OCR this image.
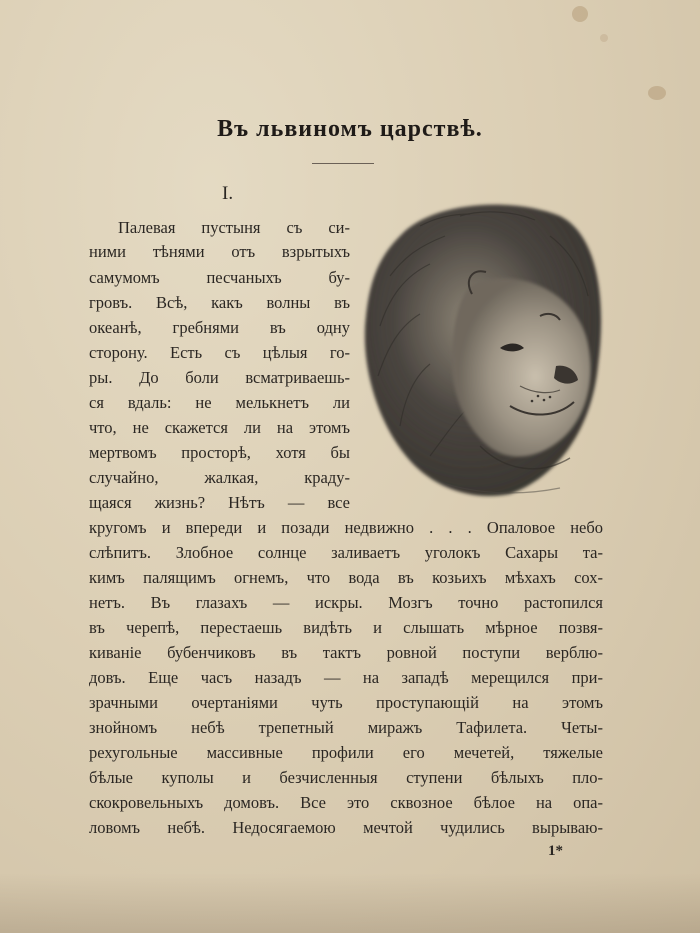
Въ львиномъ царствѣ.
I.
Палевая пустыня съ си-
ними тѣнями отъ взрытыхъ
самумомъ песчаныхъ бу-
гровъ. Всѣ, какъ волны въ
океанѣ, гребнями въ одну
сторону. Есть съ цѣлыя го-
ры. До боли всматриваешь-
ся вдаль: не мелькнетъ ли
что, не скажется ли на этомъ
мертвомъ просторѣ, хотя бы
случайно, жалкая, краду-
щаяся жизнь? Нѣтъ — все
кругомъ и впереди и позади недвижно . . . Опаловое небо
слѣпитъ. Злобное солнце заливаетъ уголокъ Сахары та-
кимъ палящимъ огнемъ, что вода въ козьихъ мѣхахъ сох-
нетъ. Въ глазахъ — искры. Мозгъ точно растопился
въ черепѣ, перестаешь видѣть и слышать мѣрное позвя-
киваніе бубенчиковъ въ тактъ ровной поступи верблю-
довъ. Еще часъ назадъ — на западѣ мерещился при-
зрачными очертаніями чуть проступающій на этомъ
знойномъ небѣ трепетный миражъ Тафилета. Четы-
рехугольные массивные профили его мечетей, тяжелые
бѣлые куполы и безчисленныя ступени бѣлыхъ пло-
скокровельныхъ домовъ. Все это сквозное бѣлое на опа-
ловомъ небѣ. Недосягаемою мечтой чудились вырываю-
1*
